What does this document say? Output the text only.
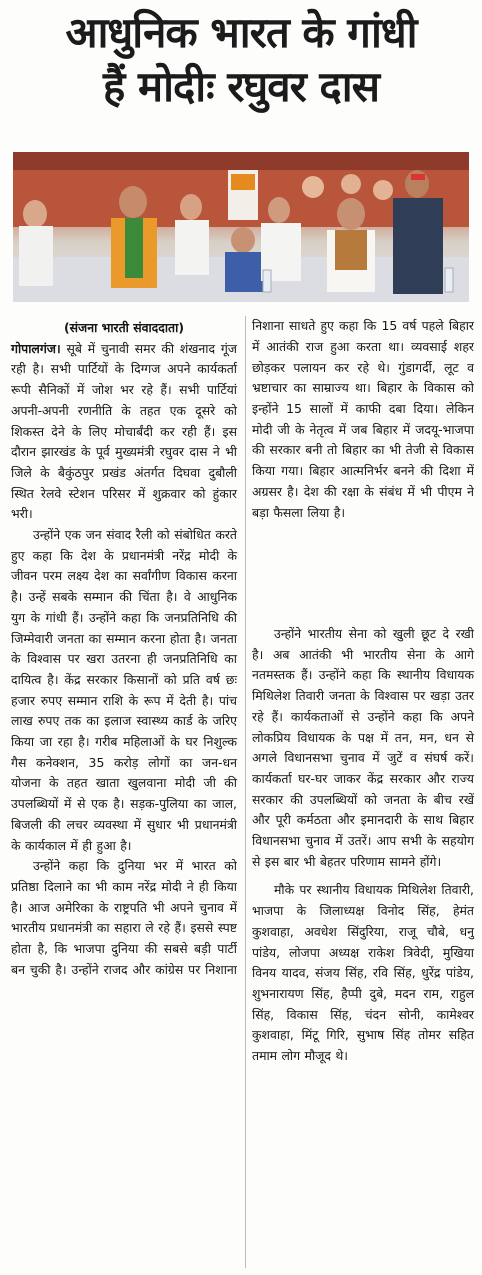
आधुनिक भारत के गांधी
हैं मोदीः रघुवर दास

(संजना भारती संवाददाता)

गोपालगंज। सूबे में चुनावी समर की शंखनाद गूंज रही है। सभी पार्टियों के दिग्गज अपने कार्यकर्ता रूपी सैनिकों में जोश भर रहे हैं। सभी पार्टियां अपनी-अपनी रणनीति के तहत एक दूसरे को शिकस्त देने के लिए मोचार्बंदी कर रही हैं। इस दौरान झारखंड के पूर्व मुख्यमंत्री रघुवर दास ने भी जिले के बैकुंठपुर प्रखंड अंतर्गत दिघवा दुबौली स्थित रेलवे स्टेशन परिसर में शुक्रवार को हुंकार भरी।

उन्होंने एक जन संवाद रैली को संबोधित करते हुए कहा कि देश के प्रधानमंत्री नरेंद्र मोदी के जीवन परम लक्ष्य देश का सर्वांगीण विकास करना है। उन्हें सबके सम्मान की चिंता है। वे आधुनिक युग के गांधी हैं। उन्होंने कहा कि जनप्रतिनिधि की जिम्मेवारी जनता का सम्मान करना होता है। जनता के विश्वास पर खरा उतरना ही जनप्रतिनिधि का दायित्व है। केंद्र सरकार किसानों को प्रति वर्ष छः हजार रुपए सम्मान राशि के रूप में देती है। पांच लाख रुपए तक का इलाज स्वास्थ्य कार्ड के जरिए किया जा रहा है। गरीब महिलाओं के घर निशुल्क गैस कनेक्शन, 35 करोड़ लोगों का जन-धन योजना के तहत खाता खुलवाना मोदी जी की उपलब्धियों में से एक है। सड़क-पुलिया का जाल, बिजली की लचर व्यवस्था में सुधार भी प्रधानमंत्री के कार्यकाल में ही हुआ है।

उन्होंने कहा कि दुनिया भर में भारत को प्रतिष्ठा दिलाने का भी काम नरेंद्र मोदी ने ही किया है। आज अमेरिका के राष्ट्रपति भी अपने चुनाव में भारतीय प्रधानमंत्री का सहारा ले रहे हैं। इससे स्पष्ट होता है, कि भाजपा दुनिया की सबसे बड़ी पार्टी बन चुकी है। उन्होंने राजद और कांग्रेस पर निशाना

निशाना साधते हुए कहा कि 15 वर्ष पहले बिहार में आतंकी राज हुआ करता था। व्यवसाई शहर छोड़कर पलायन कर रहे थे। गुंडागर्दी, लूट व भ्रष्टाचार का साम्राज्य था। बिहार के विकास को इन्होंने 15 सालों में काफी दबा दिया। लेकिन मोदी जी के नेतृत्व में जब बिहार में जदयू-भाजपा की सरकार बनी तो बिहार का भी तेजी से विकास किया गया। बिहार आत्मनिर्भर बनने की दिशा में अग्रसर है। देश की रक्षा के संबंध में भी पीएम ने बड़ा फैसला लिया है।

उन्होंने भारतीय सेना को खुली छूट दे रखी है। अब आतंकी भी भारतीय सेना के आगे नतमस्तक हैं। उन्होंने कहा कि स्थानीय विधायक मिथिलेश तिवारी जनता के विश्वास पर खड़ा उतर रहे हैं। कार्यकताओं से उन्होंने कहा कि अपने लोकप्रिय विधायक के पक्ष में तन, मन, धन से अगले विधानसभा चुनाव में जुटें व संघर्ष करें। कार्यकर्ता घर-घर जाकर केंद्र सरकार और राज्य सरकार की उपलब्धियों को जनता के बीच रखें और पूरी कर्मठता और इमानदारी के साथ बिहार विधानसभा चुनाव में उतरें। आप सभी के सहयोग से इस बार भी बेहतर परिणाम सामने होंगे।

मौके पर स्थानीय विधायक मिथिलेश तिवारी, भाजपा के जिलाध्यक्ष विनोद सिंह, हेमंत कुशवाहा, अवधेश सिंदुरिया, राजू चौबे, धनु पांडेय, लोजपा अध्यक्ष राकेश त्रिवेदी, मुखिया विनय यादव, संजय सिंह, रवि सिंह, धुरेंद्र पांडेय, शुभनारायण सिंह, हैप्पी दुबे, मदन राम, राहुल सिंह, विकास सिंह, चंदन सोनी, कामेश्वर कुशवाहा, मिंटू गिरि, सुभाष सिंह तोमर सहित तमाम लोग मौजूद थे।
